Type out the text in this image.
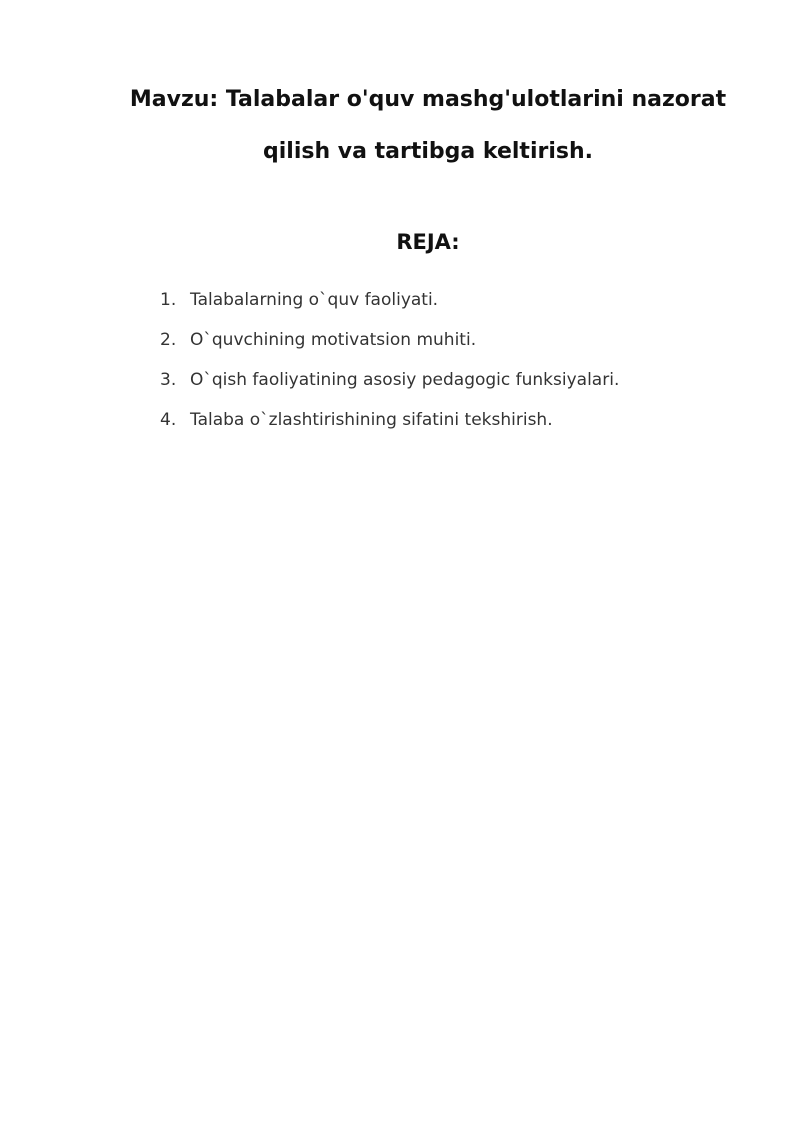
Mavzu: Talabalar o'quv mashg'ulotlarini nazorat
qilish va tartibga keltirish.
REJA:
1. Talabalarning o`quv faoliyati.
2. O`quvchining motivatsion muhiti.
3. O`qish faoliyatining asosiy pedagogic funksiyalari.
4. Talaba o`zlashtirishining sifatini tekshirish.
